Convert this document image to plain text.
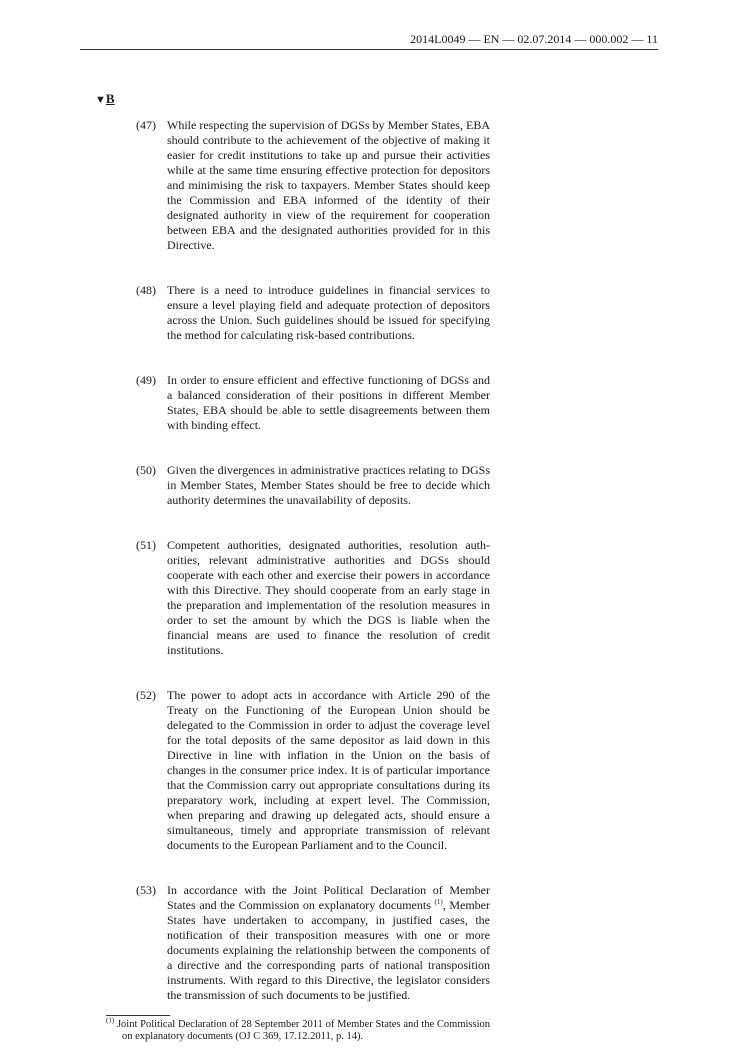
2014L0049 — EN — 02.07.2014 — 000.002 — 11
▼B
(47) While respecting the supervision of DGSs by Member States, EBA should contribute to the achievement of the objective of making it easier for credit institutions to take up and pursue their activities while at the same time ensuring effective protection for depositors and minimising the risk to taxpayers. Member States should keep the Commission and EBA informed of the identity of their designated authority in view of the requirement for cooperation between EBA and the designated authorities provided for in this Directive.
(48) There is a need to introduce guidelines in financial services to ensure a level playing field and adequate protection of depositors across the Union. Such guidelines should be issued for specifying the method for calculating risk-based contributions.
(49) In order to ensure efficient and effective functioning of DGSs and a balanced consideration of their positions in different Member States, EBA should be able to settle disagreements between them with binding effect.
(50) Given the divergences in administrative practices relating to DGSs in Member States, Member States should be free to decide which authority determines the unavailability of deposits.
(51) Competent authorities, designated authorities, resolution authorities, relevant administrative authorities and DGSs should cooperate with each other and exercise their powers in accordance with this Directive. They should cooperate from an early stage in the preparation and implementation of the resolution measures in order to set the amount by which the DGS is liable when the financial means are used to finance the resolution of credit institutions.
(52) The power to adopt acts in accordance with Article 290 of the Treaty on the Functioning of the European Union should be delegated to the Commission in order to adjust the coverage level for the total deposits of the same depositor as laid down in this Directive in line with inflation in the Union on the basis of changes in the consumer price index. It is of particular importance that the Commission carry out appropriate consultations during its preparatory work, including at expert level. The Commission, when preparing and drawing up delegated acts, should ensure a simultaneous, timely and appropriate transmission of relevant documents to the European Parliament and to the Council.
(53) In accordance with the Joint Political Declaration of Member States and the Commission on explanatory documents $^{(1)}$, Member States have undertaken to accompany, in justified cases, the notification of their transposition measures with one or more documents explaining the relationship between the components of a directive and the corresponding parts of national transposition instruments. With regard to this Directive, the legislator considers the transmission of such documents to be justified.
$^{(1)}$ Joint Political Declaration of 28 September 2011 of Member States and the Commission on explanatory documents (OJ C 369, 17.12.2011, p. 14).
